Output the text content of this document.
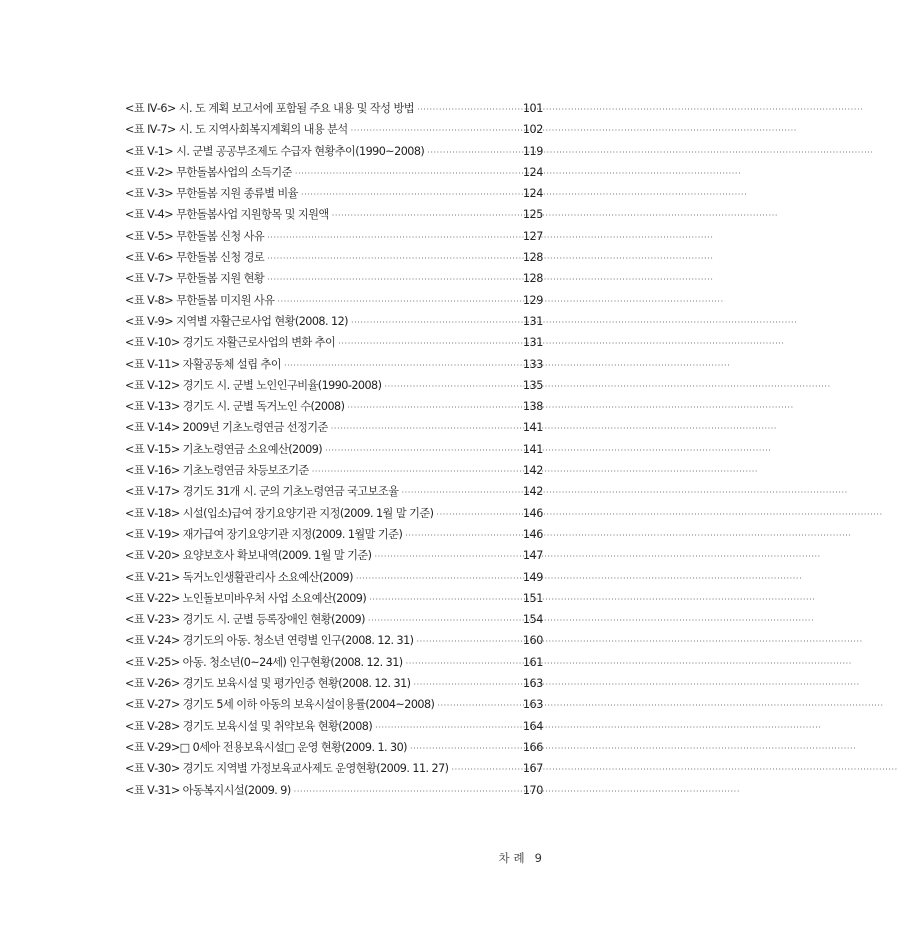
<표 Ⅳ-6> 시. 도 계획 보고서에 포함될 주요 내용 및 작성 방법 ·····	101
<표 Ⅳ-7> 시. 도 지역사회복지계획의 내용 분석 ·····	102
<표 Ⅴ-1> 시. 군별 공공부조제도 수급자 현황추이(1990~2008) ·····	119
<표 Ⅴ-2> 무한돌봄사업의 소득기준 ·····	124
<표 Ⅴ-3> 무한돌봄 지원 종류별 비율 ·····	124
<표 Ⅴ-4> 무한돌봄사업 지원항목 및 지원액 ·····	125
<표 Ⅴ-5> 무한돌봄 신청 사유 ·····	127
<표 Ⅴ-6> 무한돌봄 신청 경로 ·····	128
<표 Ⅴ-7> 무한돌봄 지원 현황 ·····	128
<표 Ⅴ-8> 무한돌봄 미지원 사유 ·····	129
<표 Ⅴ-9> 지역별 자활근로사업 현황(2008. 12) ·····	131
<표 Ⅴ-10> 경기도 자활근로사업의 변화 추이 ·····	131
<표 Ⅴ-11> 자활공동체 설립 추이 ·····	133
<표 Ⅴ-12> 경기도 시. 군별 노인인구비율(1990-2008) ·····	135
<표 Ⅴ-13> 경기도 시. 군별 독거노인 수(2008) ·····	138
<표 Ⅴ-14> 2009년 기초노령연금 선정기준 ·····	141
<표 Ⅴ-15> 기초노령연금 소요예산(2009) ·····	141
<표 Ⅴ-16> 기초노령연금 차등보조기준 ·····	142
<표 Ⅴ-17> 경기도 31개 시. 군의 기초노령연금 국고보조율 ·····	142
<표 Ⅴ-18> 시설(입소)급여 장기요양기관 지정(2009. 1월 말 기준) ·····	146
<표 Ⅴ-19> 재가급여 장기요양기관 지정(2009. 1월말 기준) ·····	146
<표 Ⅴ-20> 요양보호사 확보내역(2009. 1월 말 기준) ·····	147
<표 Ⅴ-21> 독거노인생활관리사 소요예산(2009) ·····	149
<표 Ⅴ-22> 노인돌보미바우처 사업 소요예산(2009) ·····	151
<표 Ⅴ-23> 경기도 시. 군별 등록장애인 현황(2009) ·····	154
<표 Ⅴ-24> 경기도의 아동. 청소년 연령별 인구(2008. 12. 31) ·····	160
<표 Ⅴ-25> 아동. 청소년(0~24세) 인구현황(2008. 12. 31) ·····	161
<표 Ⅴ-26> 경기도 보육시설 및 평가인증 현황(2008. 12. 31) ·····	163
<표 Ⅴ-27> 경기도 5세 이하 아동의 보육시설이용률(2004~2008) ·····	163
<표 Ⅴ-28> 경기도 보육시설 및 취약보육 현황(2008) ·····	164
<표 Ⅴ-29>□ 0세아 전용보육시설□ 운영 현황(2009. 1. 30) ·····	166
<표 Ⅴ-30> 경기도 지역별 가정보육교사제도 운영현황(2009. 11. 27) ·····	167
<표 Ⅴ-31> 아동복지시설(2009. 9) ·····	170
차례 9
